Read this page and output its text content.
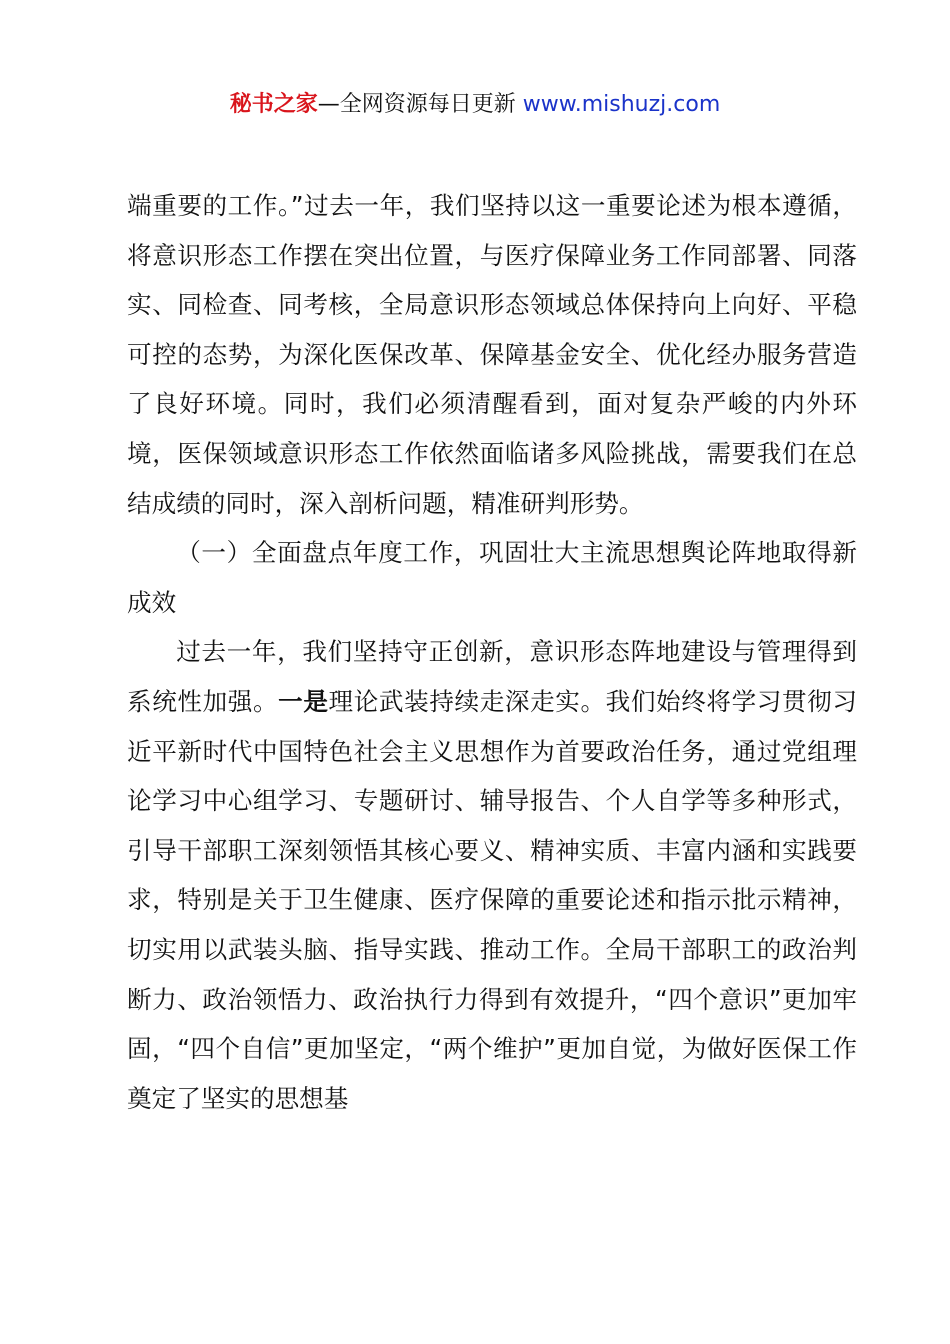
秘书之家—全网资源每日更新 www.mishuzj.com

端重要的工作。”过去一年，我们坚持以这一重要论述为根本遵循，将意识形态工作摆在突出位置，与医疗保障业务工作同部署、同落实、同检查、同考核，全局意识形态领域总体保持向上向好、平稳可控的态势，为深化医保改革、保障基金安全、优化经办服务营造了良好环境。同时，我们必须清醒看到，面对复杂严峻的内外环境，医保领域意识形态工作依然面临诸多风险挑战，需要我们在总结成绩的同时，深入剖析问题，精准研判形势。

（一）全面盘点年度工作，巩固壮大主流思想舆论阵地取得新成效

过去一年，我们坚持守正创新，意识形态阵地建设与管理得到系统性加强。一是理论武装持续走深走实。我们始终将学习贯彻习近平新时代中国特色社会主义思想作为首要政治任务，通过党组理论学习中心组学习、专题研讨、辅导报告、个人自学等多种形式，引导干部职工深刻领悟其核心要义、精神实质、丰富内涵和实践要求，特别是关于卫生健康、医疗保障的重要论述和指示批示精神，切实用以武装头脑、指导实践、推动工作。全局干部职工的政治判断力、政治领悟力、政治执行力得到有效提升，“四个意识”更加牢固，“四个自信”更加坚定，“两个维护”更加自觉，为做好医保工作奠定了坚实的思想基
